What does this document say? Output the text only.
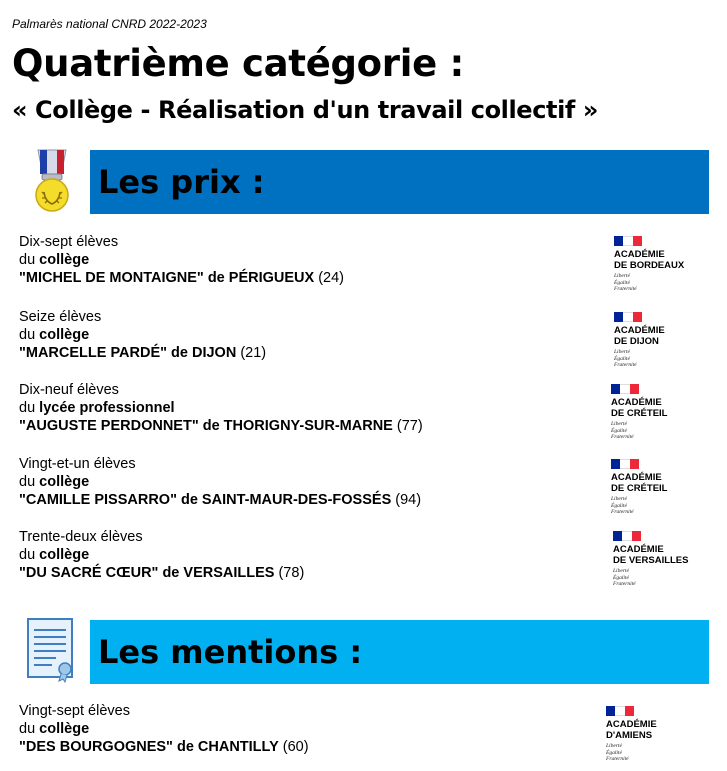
Palmarès national CNRD 2022-2023
Quatrième catégorie :
« Collège - Réalisation d'un travail collectif »
Les prix :
Dix-sept élèves
du collège
"MICHEL DE MONTAIGNE" de PÉRIGUEUX (24)
ACADÉMIE
DE BORDEAUX
Liberté
Égalité
Fraternité
Seize élèves
du collège
"MARCELLE PARDÉ" de DIJON (21)
ACADÉMIE
DE DIJON
Liberté
Égalité
Fraternité
Dix-neuf élèves
du lycée professionnel
"AUGUSTE PERDONNET" de THORIGNY-SUR-MARNE (77)
ACADÉMIE
DE CRÉTEIL
Liberté
Égalité
Fraternité
Vingt-et-un élèves
du collège
"CAMILLE PISSARRO" de SAINT-MAUR-DES-FOSSÉS (94)
ACADÉMIE
DE CRÉTEIL
Liberté
Égalité
Fraternité
Trente-deux élèves
du collège
"DU SACRÉ CŒUR" de VERSAILLES (78)
ACADÉMIE
DE VERSAILLES
Liberté
Égalité
Fraternité
Les mentions :
Vingt-sept élèves
du collège
"DES BOURGOGNES" de CHANTILLY (60)
ACADÉMIE
D'AMIENS
Liberté
Égalité
Fraternité
